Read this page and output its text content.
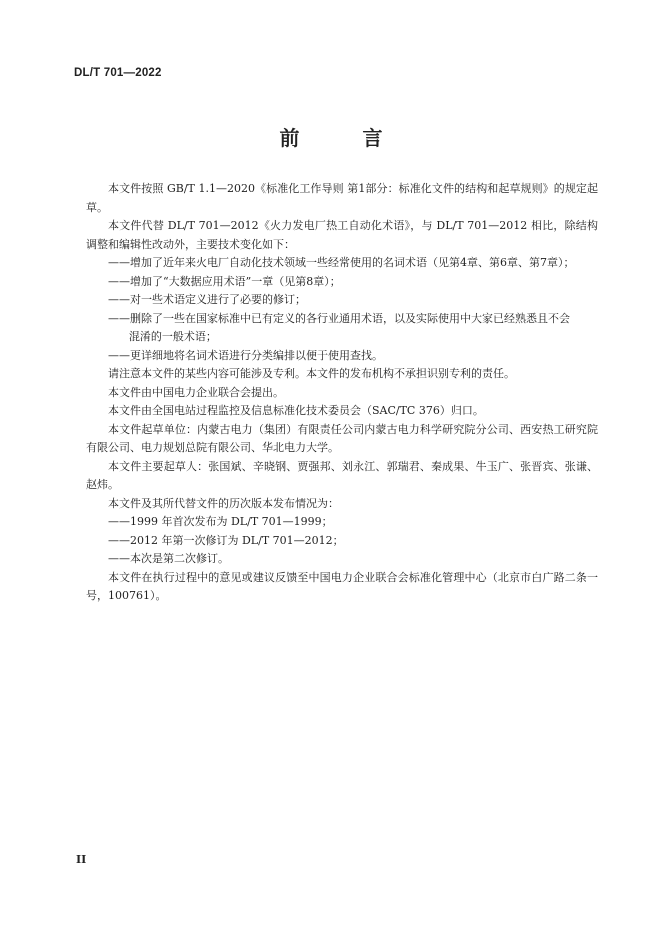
DL/T 701—2022
前 言

本文件按照 GB/T 1.1—2020《标准化工作导则 第1部分：标准化文件的结构和起草规则》的规定起草。

本文件代替 DL/T 701—2012《火力发电厂热工自动化术语》，与 DL/T 701—2012 相比，除结构调整和编辑性改动外，主要技术变化如下：

——增加了近年来火电厂自动化技术领域一些经常使用的名词术语（见第4章、第6章、第7章）；

——增加了“大数据应用术语”一章（见第8章）；

——对一些术语定义进行了必要的修订；

——删除了一些在国家标准中已有定义的各行业通用术语，以及实际使用中大家已经熟悉且不会

混淆的一般术语；

——更详细地将名词术语进行分类编排以便于使用查找。

请注意本文件的某些内容可能涉及专利。本文件的发布机构不承担识别专利的责任。

本文件由中国电力企业联合会提出。

本文件由全国电站过程监控及信息标准化技术委员会（SAC/TC 376）归口。

本文件起草单位：内蒙古电力（集团）有限责任公司内蒙古电力科学研究院分公司、西安热工研究院有限公司、电力规划总院有限公司、华北电力大学。

本文件主要起草人：张国斌、辛晓钢、贾强邦、刘永江、郭瑞君、秦成果、牛玉广、张晋宾、张谦、赵炜。

本文件及其所代替文件的历次版本发布情况为：

——1999 年首次发布为 DL/T 701—1999；

——2012 年第一次修订为 DL/T 701—2012；

——本次是第二次修订。

本文件在执行过程中的意见或建议反馈至中国电力企业联合会标准化管理中心（北京市白广路二条一号，100761）。

II
